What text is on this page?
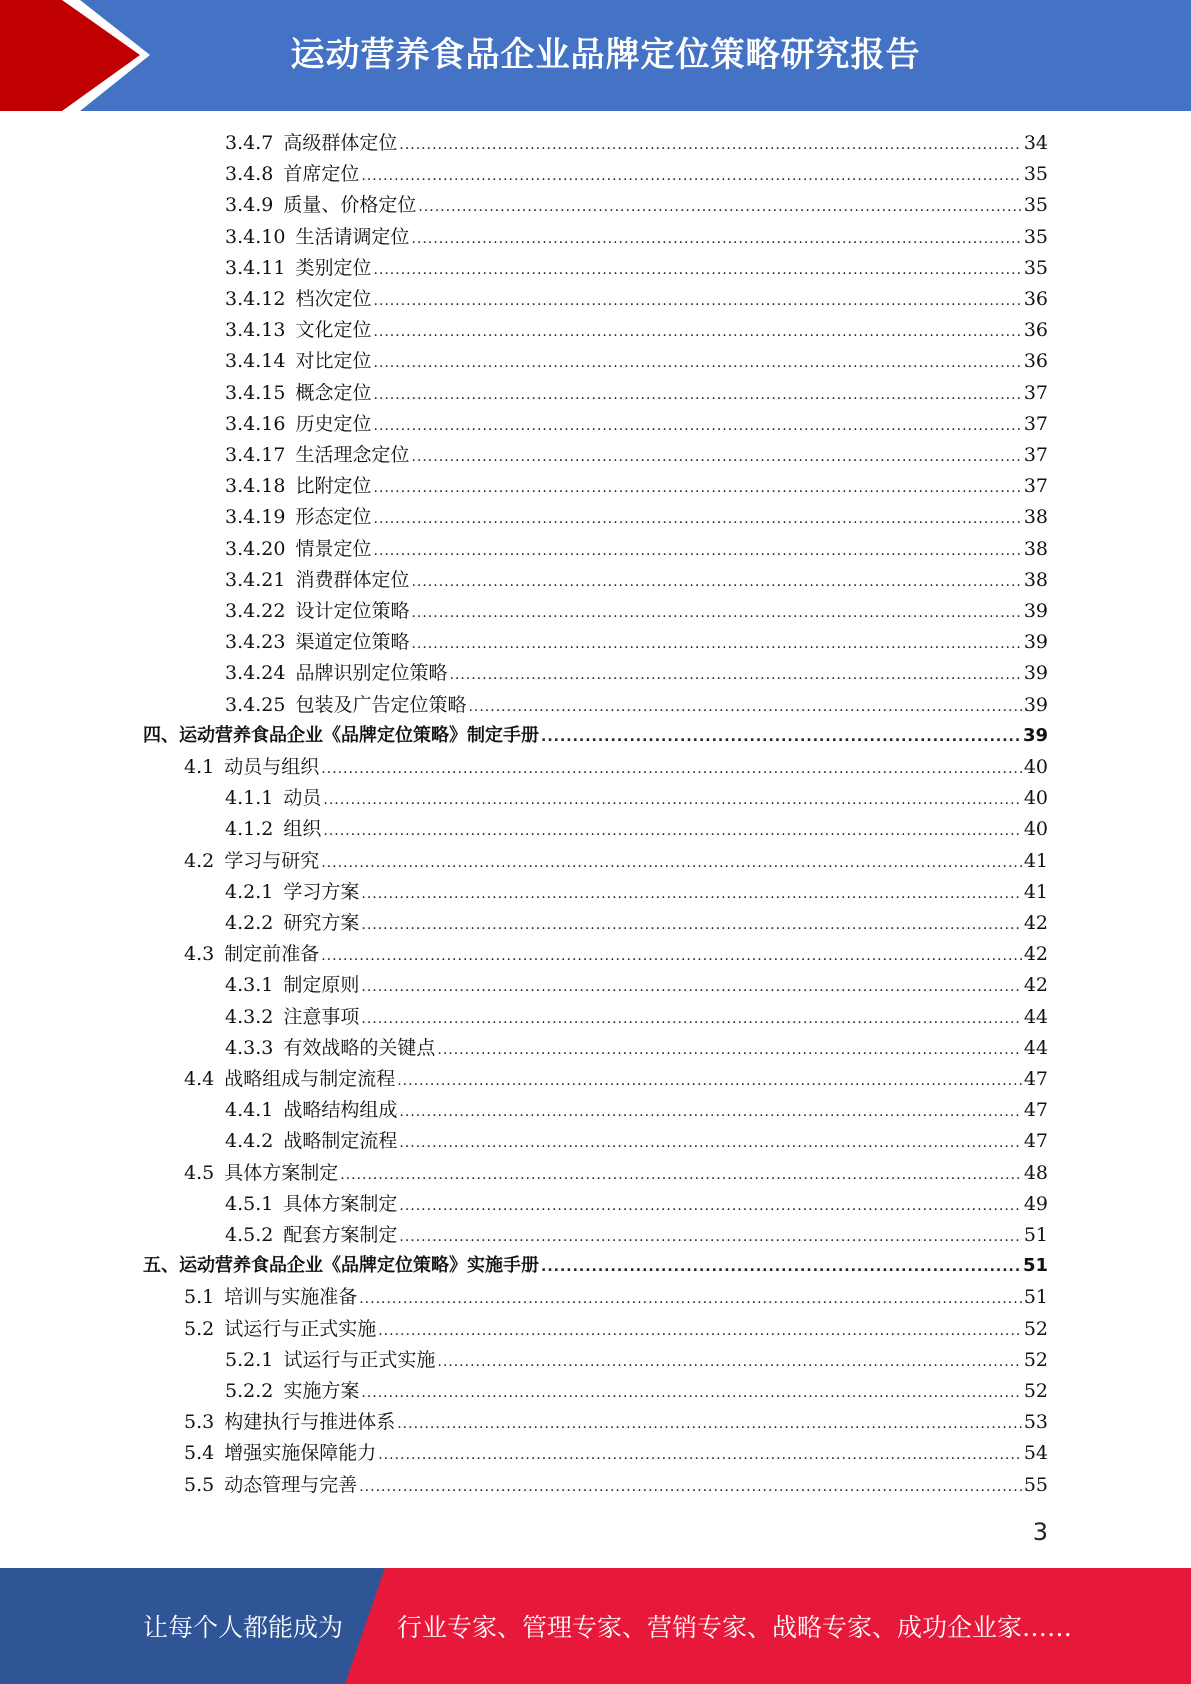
运动营养食品企业品牌定位策略研究报告
3.4.7 高级群体定位 .....	34
3.4.8 首席定位 .....	35
3.4.9 质量、价格定位 .....	35
3.4.10 生活请调定位 .....	35
3.4.11 类别定位 .....	35
3.4.12 档次定位 .....	36
3.4.13 文化定位 .....	36
3.4.14 对比定位 .....	36
3.4.15 概念定位 .....	37
3.4.16 历史定位 .....	37
3.4.17 生活理念定位 .....	37
3.4.18 比附定位 .....	37
3.4.19 形态定位 .....	38
3.4.20 情景定位 .....	38
3.4.21 消费群体定位 .....	38
3.4.22 设计定位策略 .....	39
3.4.23 渠道定位策略 .....	39
3.4.24 品牌识别定位策略 .....	39
3.4.25 包装及广告定位策略 .....	39
四、运动营养食品企业《品牌定位策略》制定手册 .....	39
4.1 动员与组织 .....	40
4.1.1 动员 .....	40
4.1.2 组织 .....	40
4.2 学习与研究 .....	41
4.2.1 学习方案 .....	41
4.2.2 研究方案 .....	42
4.3 制定前准备 .....	42
4.3.1 制定原则 .....	42
4.3.2 注意事项 .....	44
4.3.3 有效战略的关键点 .....	44
4.4 战略组成与制定流程 .....	47
4.4.1 战略结构组成 .....	47
4.4.2 战略制定流程 .....	47
4.5 具体方案制定 .....	48
4.5.1 具体方案制定 .....	49
4.5.2 配套方案制定 .....	51
五、运动营养食品企业《品牌定位策略》实施手册 .....	51
5.1 培训与实施准备 .....	51
5.2 试运行与正式实施 .....	52
5.2.1 试运行与正式实施 .....	52
5.2.2 实施方案 .....	52
5.3 构建执行与推进体系 .....	53
5.4 增强实施保障能力 .....	54
5.5 动态管理与完善 .....	55
3
让每个人都能成为 行业专家、管理专家、营销专家、战略专家、成功企业家……
